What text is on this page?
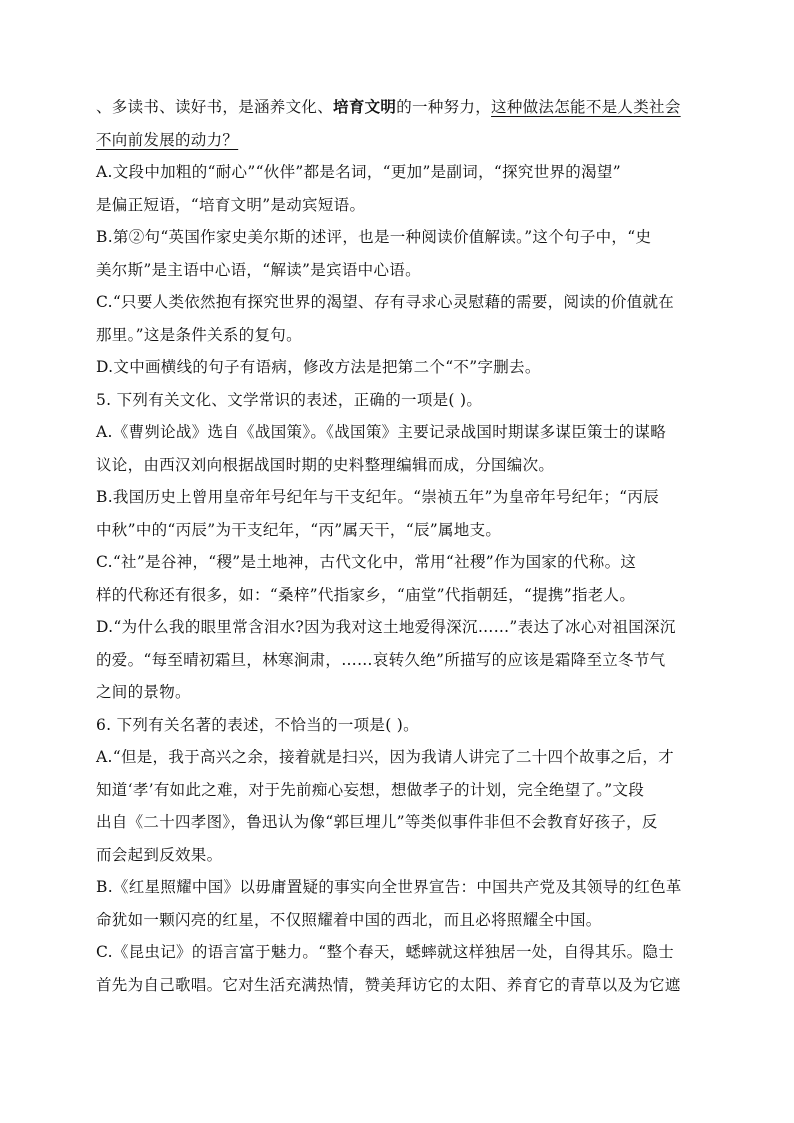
、多读书、读好书，是涵养文化、培育文明的一种努力，这种做法怎能不是人类社会
不向前发展的动力？
A.文段中加粗的“耐心”“伙伴”都是名词，“更加”是副词，“探究世界的渴望”
是偏正短语，“培育文明”是动宾短语。
B.第②句“英国作家史美尔斯的述评，也是一种阅读价值解读。”这个句子中，“史
美尔斯”是主语中心语，“解读”是宾语中心语。
C.“只要人类依然抱有探究世界的渴望、存有寻求心灵慰藉的需要，阅读的价值就在
那里。”这是条件关系的复句。
D.文中画横线的句子有语病，修改方法是把第二个“不”字删去。
5. 下列有关文化、文学常识的表述，正确的一项是( )。
A.《曹刿论战》选自《战国策》。《战国策》主要记录战国时期谋多谋臣策士的谋略
议论，由西汉刘向根据战国时期的史料整理编辑而成，分国编次。
B.我国历史上曾用皇帝年号纪年与干支纪年。“崇祯五年”为皇帝年号纪年；“丙辰
中秋”中的“丙辰”为干支纪年，“丙”属天干，“辰”属地支。
C.“社”是谷神，“稷”是土地神，古代文化中，常用“社稷”作为国家的代称。这
样的代称还有很多，如：“桑梓”代指家乡，“庙堂”代指朝廷，“提携”指老人。
D.“为什么我的眼里常含泪水?因为我对这土地爱得深沉……”表达了冰心对祖国深沉
的爱。“每至晴初霜旦，林寒涧肃，……哀转久绝”所描写的应该是霜降至立冬节气
之间的景物。
6. 下列有关名著的表述，不恰当的一项是( )。
A.“但是，我于高兴之余，接着就是扫兴，因为我请人讲完了二十四个故事之后，才
知道‘孝’有如此之难，对于先前痴心妄想，想做孝子的计划，完全绝望了。”文段
出自《二十四孝图》，鲁迅认为像“郭巨埋儿”等类似事件非但不会教育好孩子，反
而会起到反效果。
B.《红星照耀中国》以毋庸置疑的事实向全世界宣告：中国共产党及其领导的红色革
命犹如一颗闪亮的红星，不仅照耀着中国的西北，而且必将照耀全中国。
C.《昆虫记》的语言富于魅力。“整个春天，蟋蟀就这样独居一处，自得其乐。隐士
首先为自己歌唱。它对生活充满热情，赞美拜访它的太阳、养育它的青草以及为它遮
